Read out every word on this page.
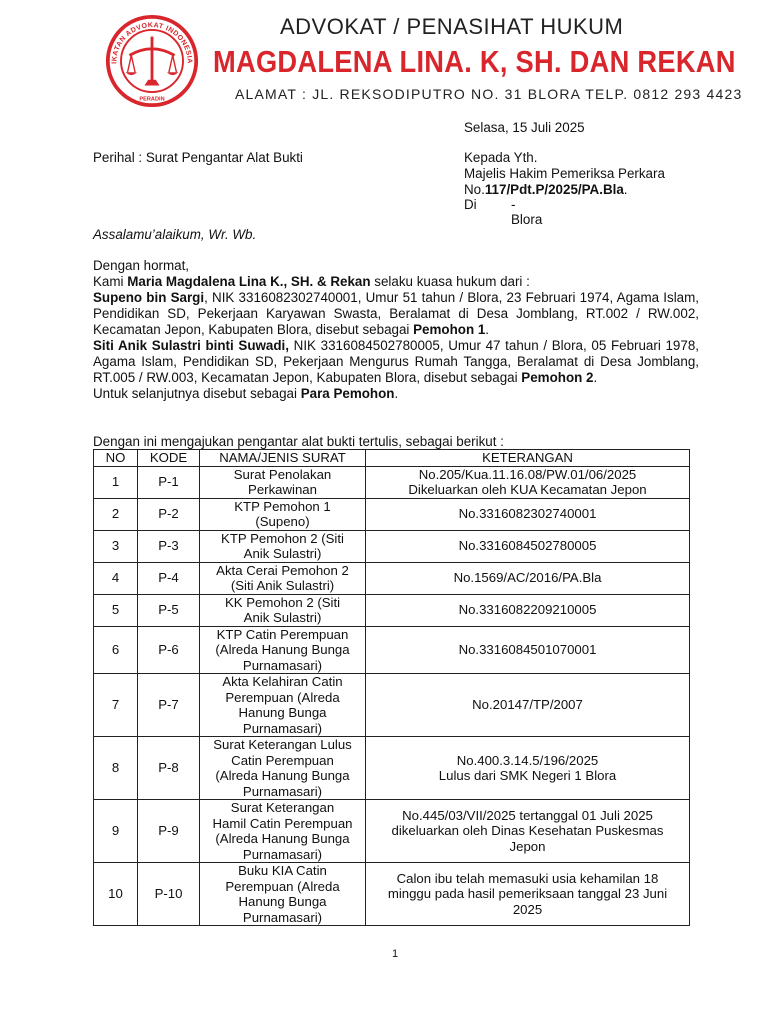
IKATAN ADVOKAT INDONESIA
PERADIN
ADVOKAT / PENASIHAT HUKUM
MAGDALENA LINA. K, SH. DAN REKAN
ALAMAT : JL. REKSODIPUTRO NO. 31 BLORA TELP. 0812 293 4423
Selasa, 15 Juli 2025
Perihal : Surat Pengantar Alat Bukti	Kepada Yth.
Majelis Hakim Pemeriksa Perkara
No.117/Pdt.P/2025/PA.Bla.
Di	-
Blora
Assalamu’alaikum, Wr. Wb.

Dengan hormat,

Kami Maria Magdalena Lina K., SH. & Rekan selaku kuasa hukum dari :

Supeno bin Sargi, NIK 3316082302740001, Umur 51 tahun / Blora, 23 Februari 1974, Agama Islam, Pendidikan SD, Pekerjaan Karyawan Swasta, Beralamat di Desa Jomblang, RT.002 / RW.002, Kecamatan Jepon, Kabupaten Blora, disebut sebagai Pemohon 1.

Siti Anik Sulastri binti Suwadi, NIK 3316084502780005, Umur 47 tahun / Blora, 05 Februari 1978, Agama Islam, Pendidikan SD, Pekerjaan Mengurus Rumah Tangga, Beralamat di Desa Jomblang, RT.005 / RW.003, Kecamatan Jepon, Kabupaten Blora, disebut sebagai Pemohon 2.

Untuk selanjutnya disebut sebagai Para Pemohon.

Dengan ini mengajukan pengantar alat bukti tertulis, sebagai berikut :
NO	KODE	NAMA/JENIS SURAT	KETERANGAN
1	P-1	Surat Penolakan
Perkawinan	No.205/Kua.11.16.08/PW.01/06/2025
Dikeluarkan oleh KUA Kecamatan Jepon
2	P-2	KTP Pemohon 1
(Supeno)	No.3316082302740001
3	P-3	KTP Pemohon 2 (Siti
Anik Sulastri)	No.3316084502780005
4	P-4	Akta Cerai Pemohon 2
(Siti Anik Sulastri)	No.1569/AC/2016/PA.Bla
5	P-5	KK Pemohon 2 (Siti
Anik Sulastri)	No.3316082209210005
6	P-6	KTP Catin Perempuan
(Alreda Hanung Bunga
Purnamasari)	No.3316084501070001
7	P-7	Akta Kelahiran Catin
Perempuan (Alreda
Hanung Bunga
Purnamasari)	No.20147/TP/2007
8	P-8	Surat Keterangan Lulus
Catin Perempuan
(Alreda Hanung Bunga
Purnamasari)	No.400.3.14.5/196/2025
Lulus dari SMK Negeri 1 Blora
9	P-9	Surat Keterangan
Hamil Catin Perempuan
(Alreda Hanung Bunga
Purnamasari)	No.445/03/VII/2025 tertanggal 01 Juli 2025
dikeluarkan oleh Dinas Kesehatan Puskesmas
Jepon
10	P-10	Buku KIA Catin
Perempuan (Alreda
Hanung Bunga
Purnamasari)	Calon ibu telah memasuki usia kehamilan 18
minggu pada hasil pemeriksaan tanggal 23 Juni
2025
1
